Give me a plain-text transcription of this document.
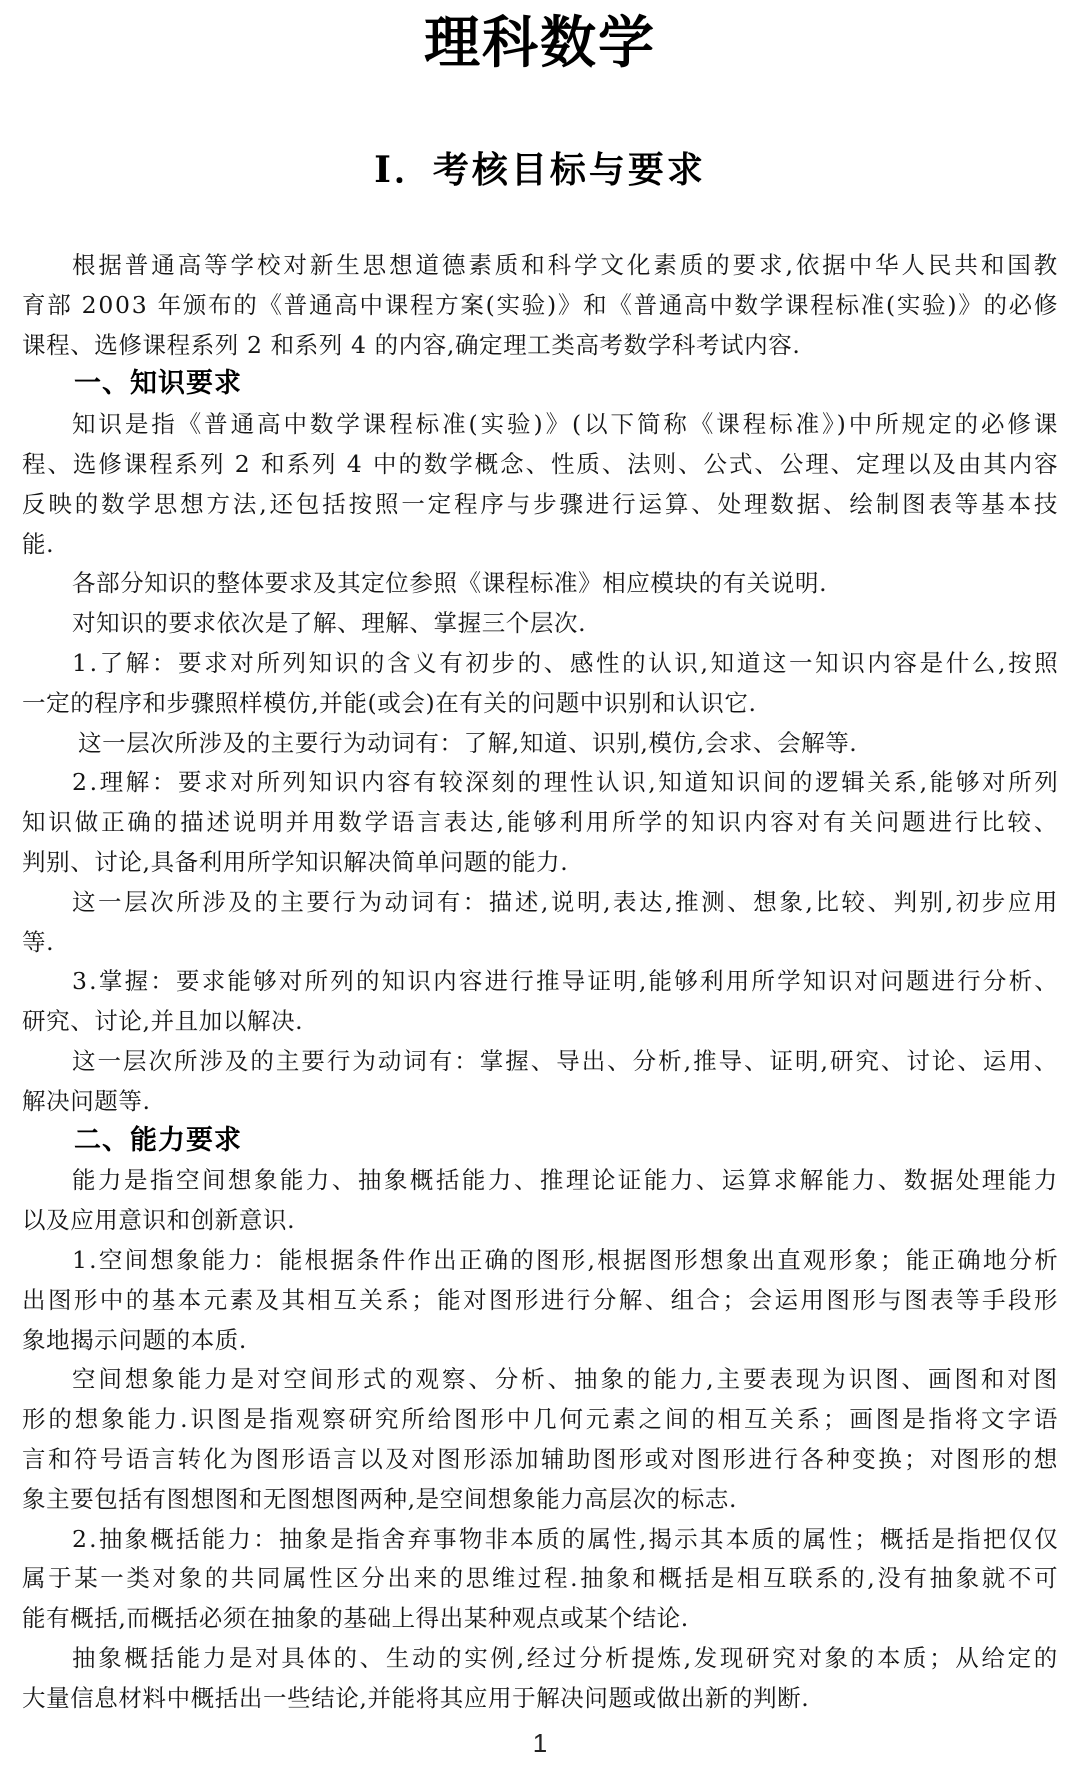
理科数学
Ⅰ．考核目标与要求
根据普通高等学校对新生思想道德素质和科学文化素质的要求,依据中华人民共和国教
育部 2003 年颁布的《普通高中课程方案(实验)》和《普通高中数学课程标准(实验)》的必修
课程、选修课程系列 2 和系列 4 的内容,确定理工类高考数学科考试内容.
一、知识要求
知识是指《普通高中数学课程标准(实验)》(以下简称《课程标准》)中所规定的必修课
程、选修课程系列 2 和系列 4 中的数学概念、性质、法则、公式、公理、定理以及由其内容
反映的数学思想方法,还包括按照一定程序与步骤进行运算、处理数据、绘制图表等基本技
能.
各部分知识的整体要求及其定位参照《课程标准》相应模块的有关说明.
对知识的要求依次是了解、理解、掌握三个层次.
1.了解：要求对所列知识的含义有初步的、感性的认识,知道这一知识内容是什么,按照
一定的程序和步骤照样模仿,并能(或会)在有关的问题中识别和认识它.
这一层次所涉及的主要行为动词有：了解,知道、识别,模仿,会求、会解等.
2.理解：要求对所列知识内容有较深刻的理性认识,知道知识间的逻辑关系,能够对所列
知识做正确的描述说明并用数学语言表达,能够利用所学的知识内容对有关问题进行比较、
判别、讨论,具备利用所学知识解决简单问题的能力.
这一层次所涉及的主要行为动词有：描述,说明,表达,推测、想象,比较、判别,初步应用
等.
3.掌握：要求能够对所列的知识内容进行推导证明,能够利用所学知识对问题进行分析、
研究、讨论,并且加以解决.
这一层次所涉及的主要行为动词有：掌握、导出、分析,推导、证明,研究、讨论、运用、
解决问题等.
二、能力要求
能力是指空间想象能力、抽象概括能力、推理论证能力、运算求解能力、数据处理能力
以及应用意识和创新意识.
1.空间想象能力：能根据条件作出正确的图形,根据图形想象出直观形象；能正确地分析
出图形中的基本元素及其相互关系；能对图形进行分解、组合；会运用图形与图表等手段形
象地揭示问题的本质.
空间想象能力是对空间形式的观察、分析、抽象的能力,主要表现为识图、画图和对图
形的想象能力.识图是指观察研究所给图形中几何元素之间的相互关系；画图是指将文字语
言和符号语言转化为图形语言以及对图形添加辅助图形或对图形进行各种变换；对图形的想
象主要包括有图想图和无图想图两种,是空间想象能力高层次的标志.
2.抽象概括能力：抽象是指舍弃事物非本质的属性,揭示其本质的属性；概括是指把仅仅
属于某一类对象的共同属性区分出来的思维过程.抽象和概括是相互联系的,没有抽象就不可
能有概括,而概括必须在抽象的基础上得出某种观点或某个结论.
抽象概括能力是对具体的、生动的实例,经过分析提炼,发现研究对象的本质；从给定的
大量信息材料中概括出一些结论,并能将其应用于解决问题或做出新的判断.
1
